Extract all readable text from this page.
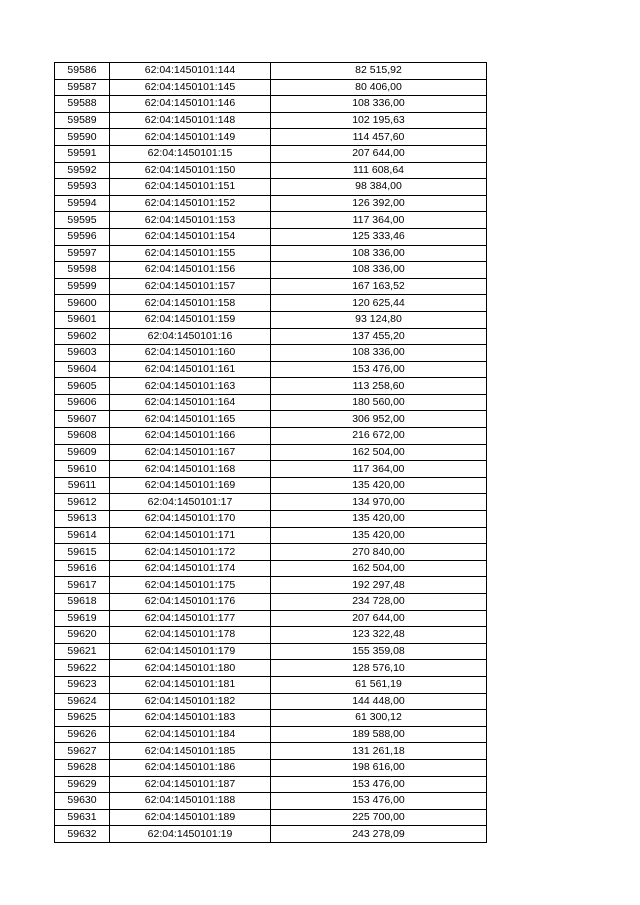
59586	62:04:1450101:144	82 515,92
59587	62:04:1450101:145	80 406,00
59588	62:04:1450101:146	108 336,00
59589	62:04:1450101:148	102 195,63
59590	62:04:1450101:149	114 457,60
59591	62:04:1450101:15	207 644,00
59592	62:04:1450101:150	111 608,64
59593	62:04:1450101:151	98 384,00
59594	62:04:1450101:152	126 392,00
59595	62:04:1450101:153	117 364,00
59596	62:04:1450101:154	125 333,46
59597	62:04:1450101:155	108 336,00
59598	62:04:1450101:156	108 336,00
59599	62:04:1450101:157	167 163,52
59600	62:04:1450101:158	120 625,44
59601	62:04:1450101:159	93 124,80
59602	62:04:1450101:16	137 455,20
59603	62:04:1450101:160	108 336,00
59604	62:04:1450101:161	153 476,00
59605	62:04:1450101:163	113 258,60
59606	62:04:1450101:164	180 560,00
59607	62:04:1450101:165	306 952,00
59608	62:04:1450101:166	216 672,00
59609	62:04:1450101:167	162 504,00
59610	62:04:1450101:168	117 364,00
59611	62:04:1450101:169	135 420,00
59612	62:04:1450101:17	134 970,00
59613	62:04:1450101:170	135 420,00
59614	62:04:1450101:171	135 420,00
59615	62:04:1450101:172	270 840,00
59616	62:04:1450101:174	162 504,00
59617	62:04:1450101:175	192 297,48
59618	62:04:1450101:176	234 728,00
59619	62:04:1450101:177	207 644,00
59620	62:04:1450101:178	123 322,48
59621	62:04:1450101:179	155 359,08
59622	62:04:1450101:180	128 576,10
59623	62:04:1450101:181	61 561,19
59624	62:04:1450101:182	144 448,00
59625	62:04:1450101:183	61 300,12
59626	62:04:1450101:184	189 588,00
59627	62:04:1450101:185	131 261,18
59628	62:04:1450101:186	198 616,00
59629	62:04:1450101:187	153 476,00
59630	62:04:1450101:188	153 476,00
59631	62:04:1450101:189	225 700,00
59632	62:04:1450101:19	243 278,09
